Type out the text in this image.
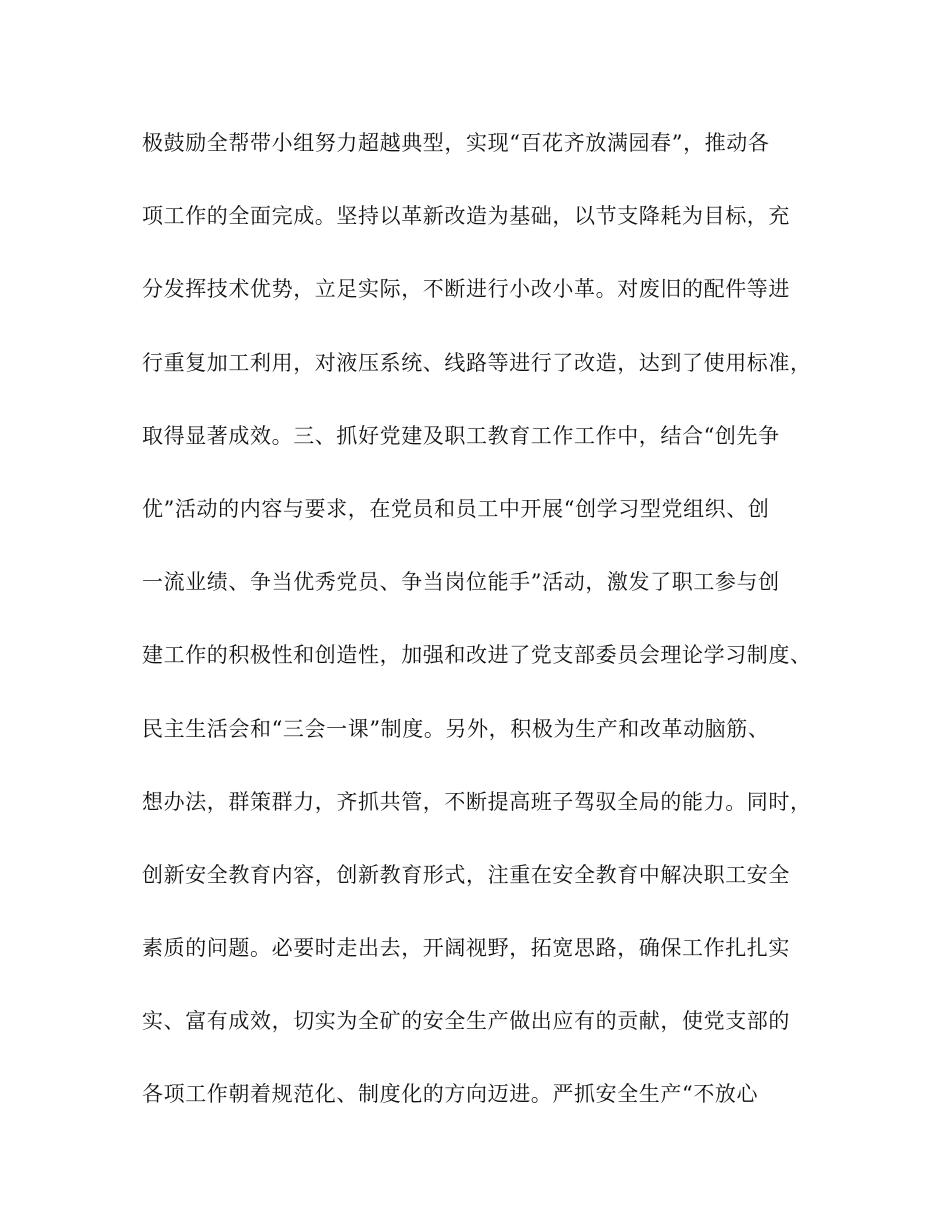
极鼓励全帮带小组努力超越典型，实现“百花齐放满园春”，推动各
项工作的全面完成。坚持以革新改造为基础，以节支降耗为目标，充
分发挥技术优势，立足实际，不断进行小改小革。对废旧的配件等进
行重复加工利用，对液压系统、线路等进行了改造，达到了使用标准，
取得显著成效。三、抓好党建及职工教育工作工作中，结合“创先争
优”活动的内容与要求，在党员和员工中开展“创学习型党组织、创
一流业绩、争当优秀党员、争当岗位能手”活动，激发了职工参与创
建工作的积极性和创造性，加强和改进了党支部委员会理论学习制度、
民主生活会和“三会一课”制度。另外，积极为生产和改革动脑筋、
想办法，群策群力，齐抓共管，不断提高班子驾驭全局的能力。同时，
创新安全教育内容，创新教育形式，注重在安全教育中解决职工安全
素质的问题。必要时走出去，开阔视野，拓宽思路，确保工作扎扎实
实、富有成效，切实为全矿的安全生产做出应有的贡献，使党支部的
各项工作朝着规范化、制度化的方向迈进。严抓安全生产“不放心
